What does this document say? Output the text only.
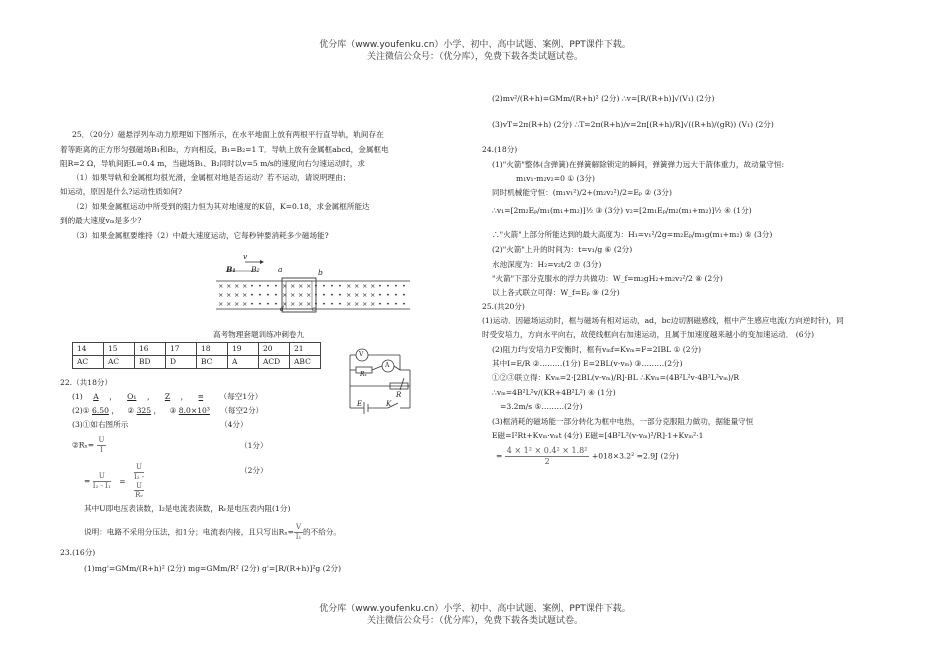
优分库（www.youfenku.cn）小学、初中、高中试题、案例、PPT课件下载。
关注微信公众号：（优分库），免费下载各类试题试卷。
25．（20分）磁悬浮列车动力原理如下图所示，在水平地面上放有两根平行直导轨，轨间存在
着等距离的正方形匀强磁场B₁和B₂，方向相反，B₁=B₂=1 T．导轨上放有金属框abcd，金属框电
阻R=2 Ω，导轨间距L=0.4 m，当磁场B₁、B₂同时以v=5 m/s的速度向右匀速运动时，求
（1）如果导轨和金属框均很光滑，金属框对地是否运动？若不运动，请说明理由；
如运动，原因是什么?运动性质如何?
（2）如果金属框运动中所受到的阻力恒为其对地速度的K倍，K=0.18，求金属框所能达
到的最大速度vₘ是多少?
（3）如果金属框要维持（2）中最大速度运动，它每秒钟要消耗多少磁场能?
× × × × • • • • × × × × • • • • × × × × • • • •
× × × × • • • • × × × × • • • • × × × × • • • •
× × × × • • • • × × × × • • • • × × × × • • • •
v
B₁ B₂ a	b
d	c
高考物理套题训练冲刺卷九
14	15	16	17	18	19	20	21
AC	AC	BD	D	BC	A	ACD	ABC
V
A
Rₓ
R
E	K
22.（共18分）
(1) A ， O₁ ， Z ， ═ （每空1分）
(2)① 6.50 ， ② 325 ， ③ 8.0×10³ （每空2分）
(3)①如右图所示	（4分）
②Rₓ= $\frac{U}{I}$	（1分）
= $\frac{U}{\text{I₂ - I₁}} = U$
I₂ -
U
Rᵥ	（2分）
其中U即电压表读数，I₂是电流表读数，Rᵥ是电压表内阻(1分)
说明：电路不采用分压法，扣1分；电流表内接，且只写出$R_x= \frac{V}{\text{I₁}}$ 的不给分。
23.(16分)
(1)mg'=GMm/(R+h)² (2分) mg=GMm/R² (2分) g'=[R/(R+h)]²g (2分)
(2)mv²/(R+h)=GMm/(R+h)² (2分) ∴v=[R/(R+h)]√(V₁) (2分)
(3)vT=2π(R+h) (2分) ∴T=2π(R+h)/v=2π[(R+h)/R]√((R+h)/(gR)) (V₁) (2分)
24.(18分)
(1)"火箭"整体(含弹簧)在弹簧解除锁定的瞬间，弹簧弹力远大于箭体重力，故动量守恒:
m₁v₁-m₂v₂=0 ① (3分)
同时机械能守恒：(m₁v₁²)/2+(m₂v₂²)/2=Eₚ ② (3分)
∴v₁=[2m₂Eₚ/m₁(m₁+m₂)]½ ③ (3分) v₂=[2m₁Eₚ/m₂(m₁+m₂)]½ ④ (1分)
∴"火箭"上部分所能达到的最大高度为：H₁=v₁²/2g=m₂Eₚ/m₁g(m₁+m₂) ⑤ (3分)
(2)"火箭"上升的时间为：t=v₁/g ⑥ (2分)
水池深度为：H₂=v₂t/2 ⑦ (3分)
"火箭"下部分克服水的浮力共做功：W_f=m₂gH₂+m₂v₂²/2 ⑧ (2分)
以上各式联立可得：W_f=Eₚ ⑨ (2分)
25.(共20分)
(1)运动．因磁场运动时，框与磁场有相对运动，ad，bc边切割磁感线，框中产生感应电流(方向逆时针)，同
时受安培力，方向水平向右，故使线框向右加速运动，且属于加速度越来越小的变加速运动． (6分)
(2)阻力f与安培力F安衡时，框有vₘf=Kvₘ=F=2IBL ① (2分)
其中I=E/R ②………(1分) E=2BL(v-vₘ) ③………(2分)
①②③联立得：Kvₘ=2·[2BL(v-vₘ)/R]·BL ∴Kvₘ=(4B²L²v-4B²L²vₘ)/R
∴vₘ=4B²L²v/(KR+4B²L²) ④ (1分)
=3.2m/s ⑤………(2分)
(3)框消耗的磁场能一部分转化为框中电热，一部分克服阻力做功，据能量守恒
E磁=I²Rt+Kvₘ·vₘt (4分) E磁=[4B²L²(v-vₘ)²/R]·1+Kvₘ²·1
= $\frac{\text{4 × 1² × 0.4² × 1.8²}}{2} +018\times 3.2^2 =2.9J$ (2分)
优分库（www.youfenku.cn）小学、初中、高中试题、案例、PPT课件下载。
关注微信公众号：（优分库），免费下载各类试题试卷。
